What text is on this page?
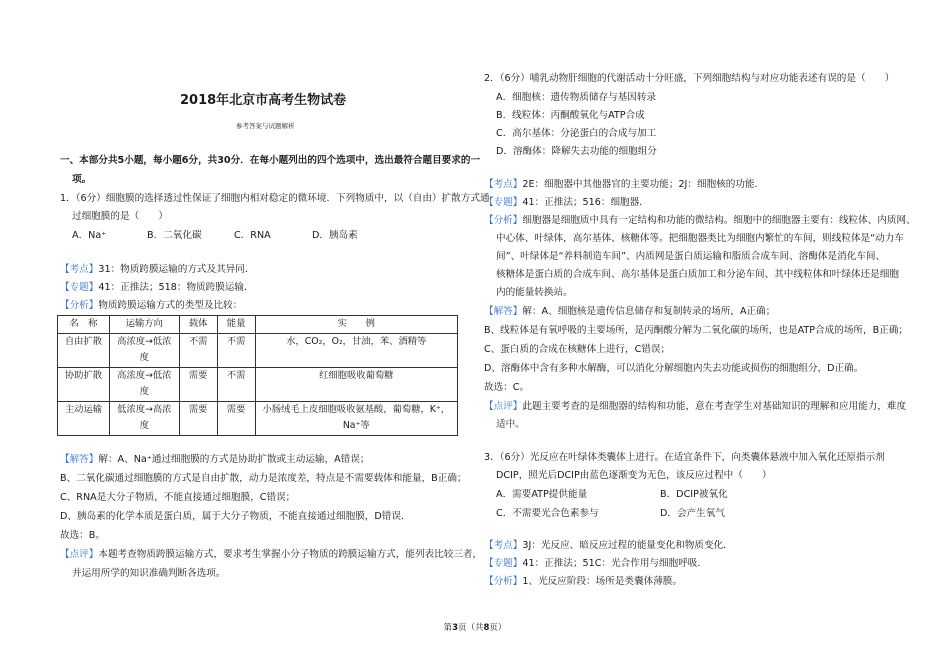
2018年北京市高考生物试卷
参考答案与试题解析
一、本部分共5小题，每小题6分，共30分．在每小题列出的四个选项中，选出最符合题目要求的一
项。
1．（6分）细胞膜的选择透过性保证了细胞内相对稳定的微环境．下列物质中，以（自由）扩散方式通
过细胞膜的是（　　）
A．Na⁺	B．二氧化碳	C．RNA	D．胰岛素
【考点】31：物质跨膜运输的方式及其异同．
【专题】41：正推法；518：物质跨膜运输．
【分析】物质跨膜运输方式的类型及比较：
名　称	运输方向	载体	能量	实　　例
自由扩散	高浓度→低浓度	不需	不需	水，CO₂，O₂，甘油，苯、酒精等
协助扩散	高浓度→低浓度	需要	不需	红细胞吸收葡萄糖
主动运输	低浓度→高浓度	需要	需要	小肠绒毛上皮细胞吸收氨基酸，葡萄糖，K⁺，Na⁺等
【解答】解：A、Na⁺通过细胞膜的方式是协助扩散或主动运输，A错误；
B、二氧化碳通过细胞膜的方式是自由扩散，动力是浓度差，特点是不需要载体和能量，B正确；
C、RNA是大分子物质，不能直接通过细胞膜，C错误；
D、胰岛素的化学本质是蛋白质，属于大分子物质，不能直接通过细胞膜，D错误．
故选：B。
【点评】本题考查物质跨膜运输方式，要求考生掌握小分子物质的跨膜运输方式，能列表比较三者，
并运用所学的知识准确判断各选项。
2．（6分）哺乳动物肝细胞的代谢活动十分旺盛，下列细胞结构与对应功能表述有误的是（　　）
A．细胞核：遗传物质储存与基因转录
B．线粒体：丙酮酸氧化与ATP合成
C．高尔基体：分泌蛋白的合成与加工
D．溶酶体：降解失去功能的细胞组分
【考点】2E：细胞器中其他器官的主要功能；2J：细胞核的功能．
【专题】41：正推法；516：细胞器．
【分析】细胞器是细胞质中具有一定结构和功能的微结构。细胞中的细胞器主要有：线粒体、内质网、
中心体、叶绿体，高尔基体、核糖体等。把细胞器类比为细胞内繁忙的车间，则线粒体是“动力车
间”、叶绿体是“养料制造车间”、内质网是蛋白质运输和脂质合成车间、溶酶体是消化车间、
核糖体是蛋白质的合成车间、高尔基体是蛋白质加工和分泌车间、其中线粒体和叶绿体还是细胞
内的能量转换站。
【解答】解：A、细胞核是遗传信息储存和复制转录的场所，A正确；
B、线粒体是有氧呼吸的主要场所，是丙酮酸分解为二氧化碳的场所，也是ATP合成的场所，B正确；
C、蛋白质的合成在核糖体上进行，C错误；
D、溶酶体中含有多种水解酶，可以消化分解细胞内失去功能或损伤的细胞组分，D正确。
故选：C。
【点评】此题主要考查的是细胞器的结构和功能，意在考查学生对基础知识的理解和应用能力，难度
适中。
3．（6分）光反应在叶绿体类囊体上进行。在适宜条件下，向类囊体悬液中加入氧化还原指示剂
DCIP，照光后DCIP由蓝色逐渐变为无色，该反应过程中（　　）
A．需要ATP提供能量	B．DCIP被氧化
C．不需要光合色素参与	D．会产生氧气
【考点】3J：光反应、暗反应过程的能量变化和物质变化．
【专题】41：正推法；51C：光合作用与细胞呼吸．
【分析】1、光反应阶段：场所是类囊体薄膜。
第3页（共8页）
